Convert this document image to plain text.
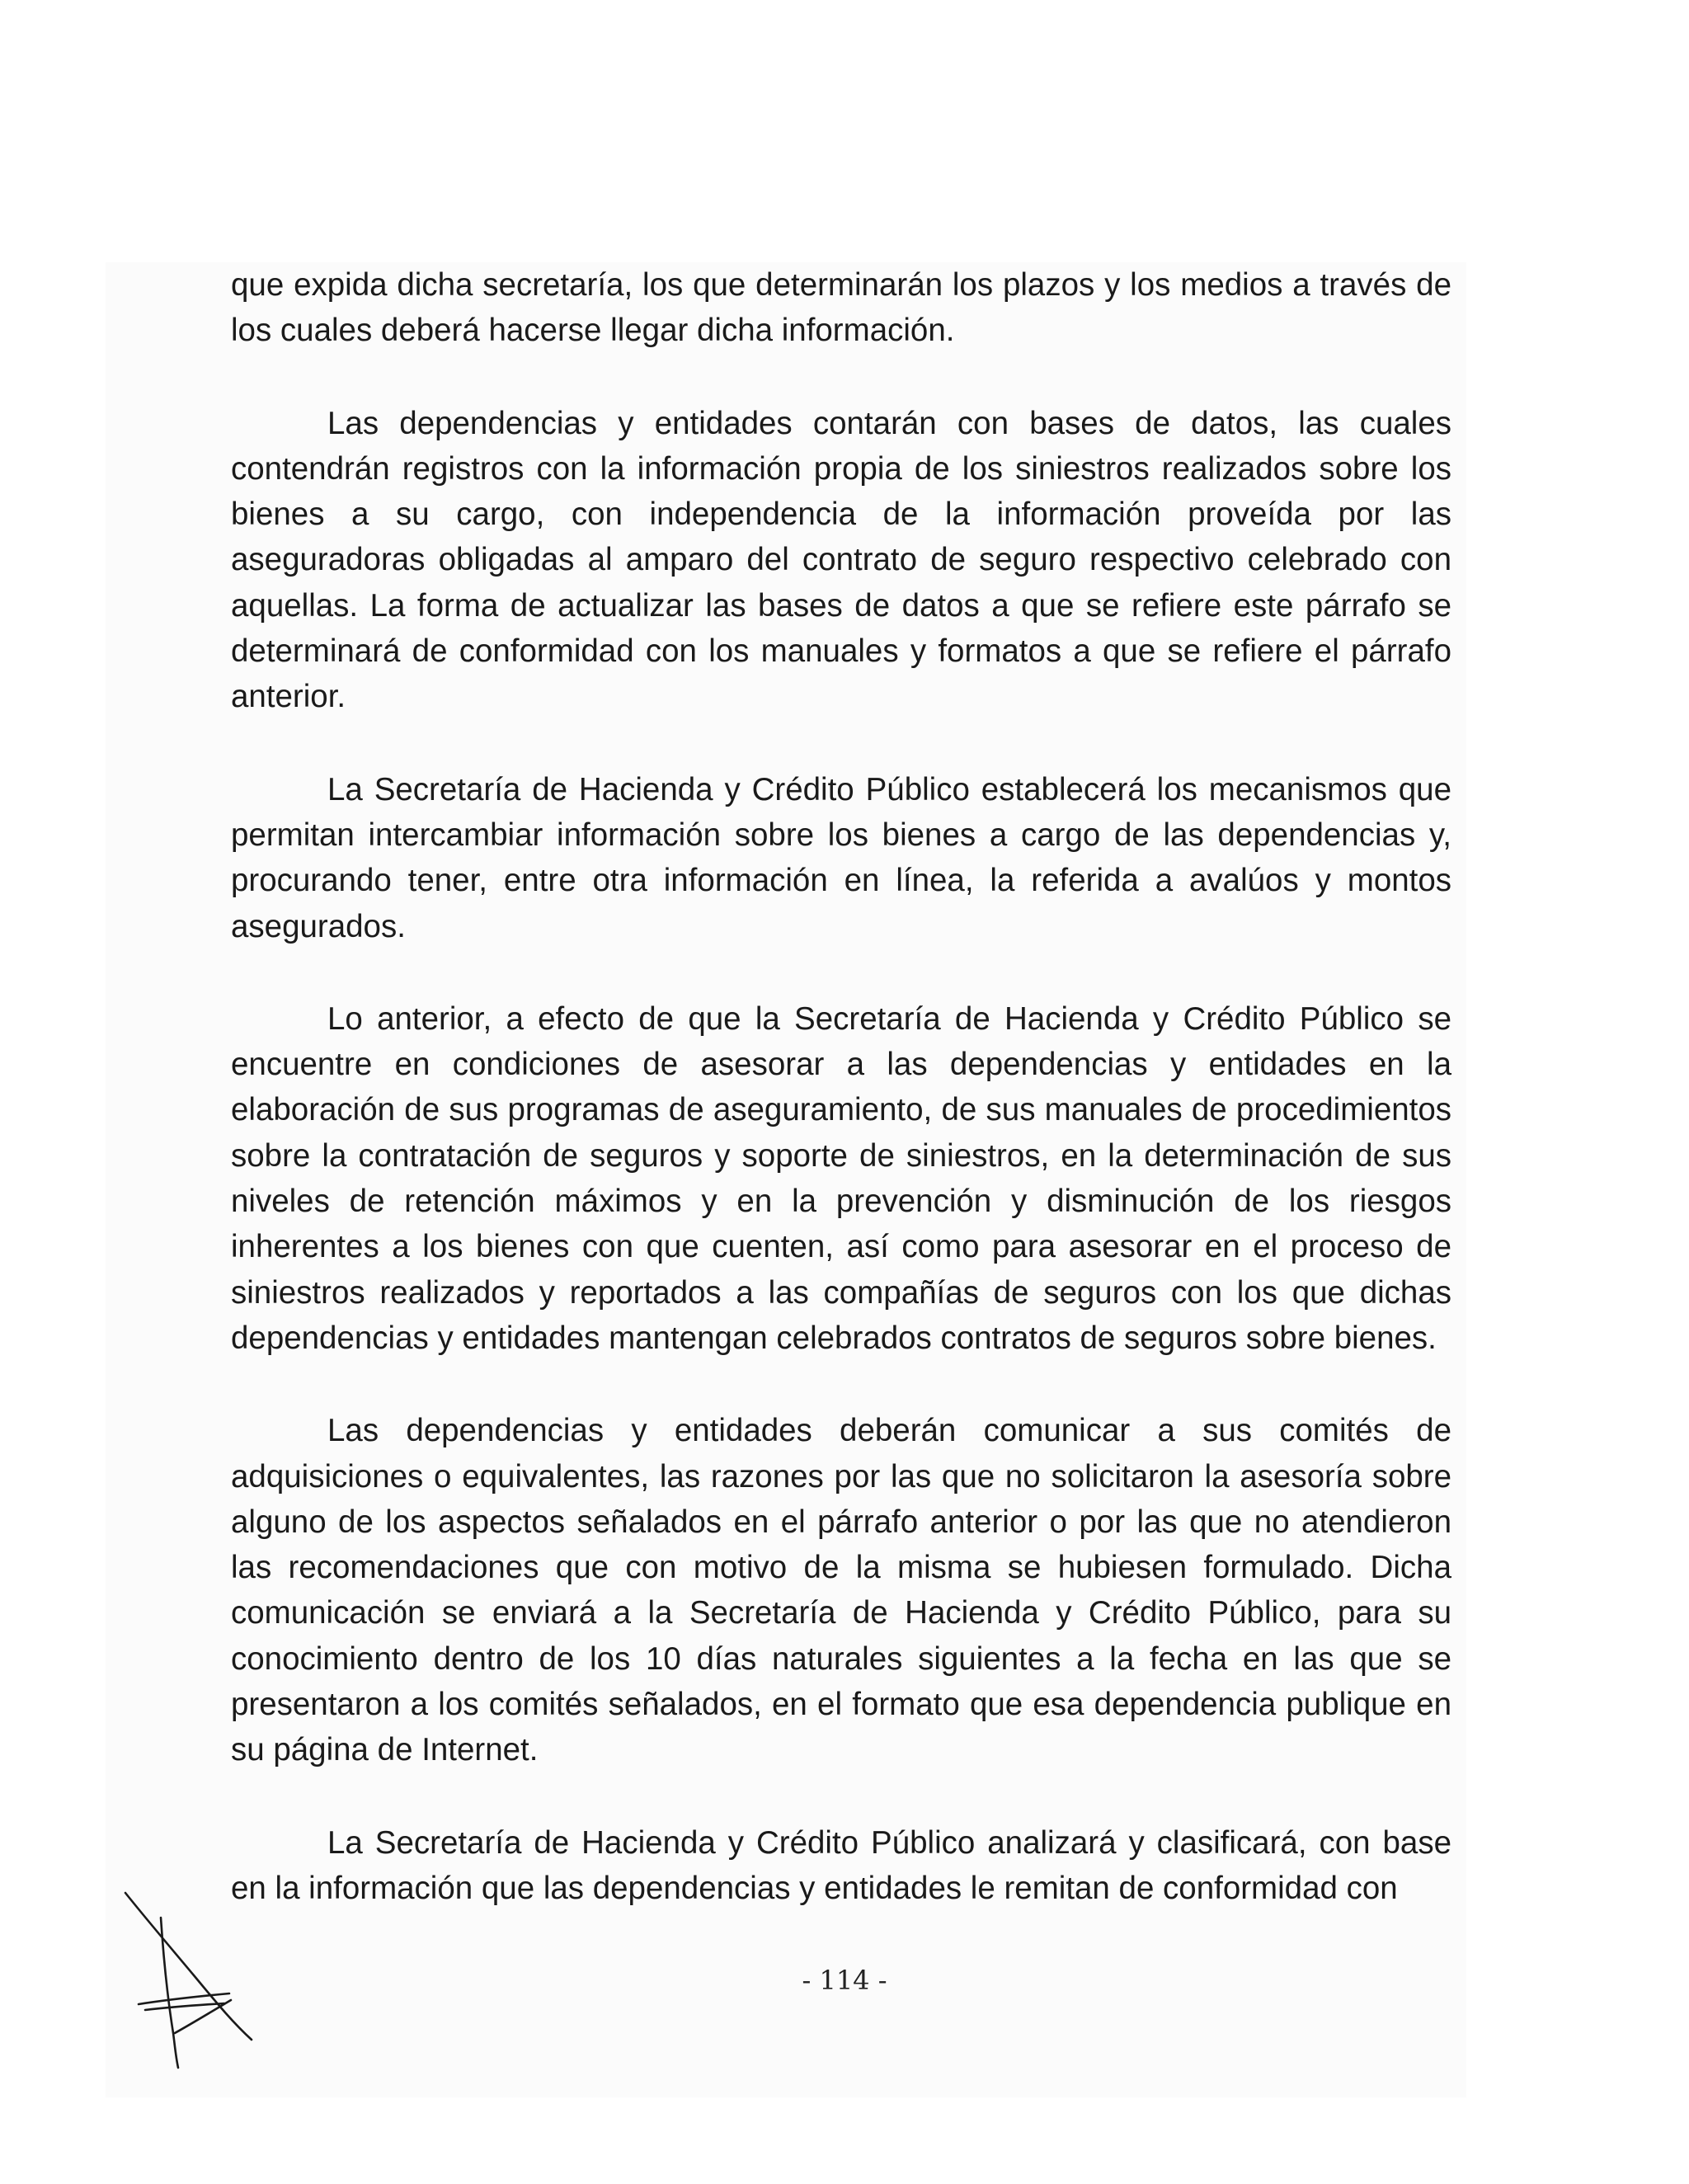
que expida dicha secretaría, los que determinarán los plazos y los medios a través de los cuales deberá hacerse llegar dicha información.

Las dependencias y entidades contarán con bases de datos, las cuales contendrán registros con la información propia de los siniestros realizados sobre los bienes a su cargo, con independencia de la información proveída por las aseguradoras obligadas al amparo del contrato de seguro respectivo celebrado con aquellas. La forma de actualizar las bases de datos a que se refiere este párrafo se determinará de conformidad con los manuales y formatos a que se refiere el párrafo anterior.

La Secretaría de Hacienda y Crédito Público establecerá los mecanismos que permitan intercambiar información sobre los bienes a cargo de las dependencias y, procurando tener, entre otra información en línea, la referida a avalúos y montos asegurados.

Lo anterior, a efecto de que la Secretaría de Hacienda y Crédito Público se encuentre en condiciones de asesorar a las dependencias y entidades en la elaboración de sus programas de aseguramiento, de sus manuales de procedimientos sobre la contratación de seguros y soporte de siniestros, en la determinación de sus niveles de retención máximos y en la prevención y disminución de los riesgos inherentes a los bienes con que cuenten, así como para asesorar en el proceso de siniestros realizados y reportados a las compañías de seguros con los que dichas dependencias y entidades mantengan celebrados contratos de seguros sobre bienes.

Las dependencias y entidades deberán comunicar a sus comités de adquisiciones o equivalentes, las razones por las que no solicitaron la asesoría sobre alguno de los aspectos señalados en el párrafo anterior o por las que no atendieron las recomendaciones que con motivo de la misma se hubiesen formulado. Dicha comunicación se enviará a la Secretaría de Hacienda y Crédito Público, para su conocimiento dentro de los 10 días naturales siguientes a la fecha en las que se presentaron a los comités señalados, en el formato que esa dependencia publique en su página de Internet.

La Secretaría de Hacienda y Crédito Público analizará y clasificará, con base en la información que las dependencias y entidades le remitan de conformidad con

- 114 -
